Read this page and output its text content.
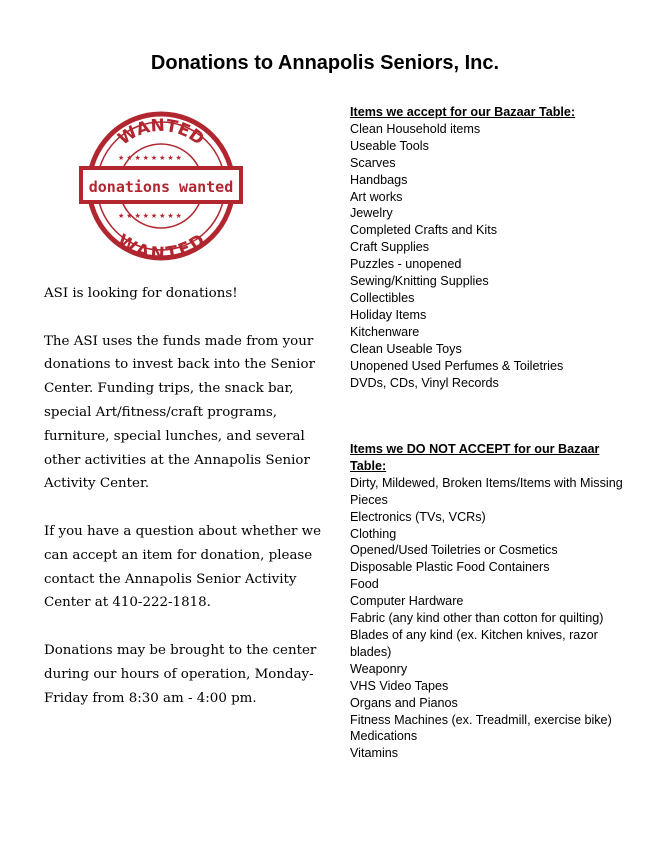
Donations to Annapolis Seniors, Inc.
WANTED
WANTED
donations wanted
★ ★ ★ ★ ★ ★ ★ ★
★ ★ ★ ★ ★ ★ ★ ★

ASI is looking for donations!

The ASI uses the funds made from your donations to invest back into the Senior Center. Funding trips, the snack bar, special Art/fitness/craft programs, furniture, special lunches, and several other activities at the Annapolis Senior Activity Center.

If you have a question about whether we can accept an item for donation, please contact the Annapolis Senior Activity Center at 410-222-1818.

Donations may be brought to the center during our hours of operation, Monday-Friday from 8:30 am - 4:00 pm.

Items we accept for our Bazaar Table:
Clean Household items
Useable Tools
Scarves
Handbags
Art works
Jewelry
Completed Crafts and Kits
Craft Supplies
Puzzles - unopened
Sewing/Knitting Supplies
Collectibles
Holiday Items
Kitchenware
Clean Useable Toys
Unopened Used Perfumes & Toiletries
DVDs, CDs, Vinyl Records
Items we DO NOT ACCEPT for our Bazaar Table:
Dirty, Mildewed, Broken Items/Items with Missing Pieces
Electronics (TVs, VCRs)
Clothing
Opened/Used Toiletries or Cosmetics
Disposable Plastic Food Containers
Food
Computer Hardware
Fabric (any kind other than cotton for quilting)
Blades of any kind (ex. Kitchen knives, razor blades)
Weaponry
VHS Video Tapes
Organs and Pianos
Fitness Machines (ex. Treadmill, exercise bike)
Medications
Vitamins
